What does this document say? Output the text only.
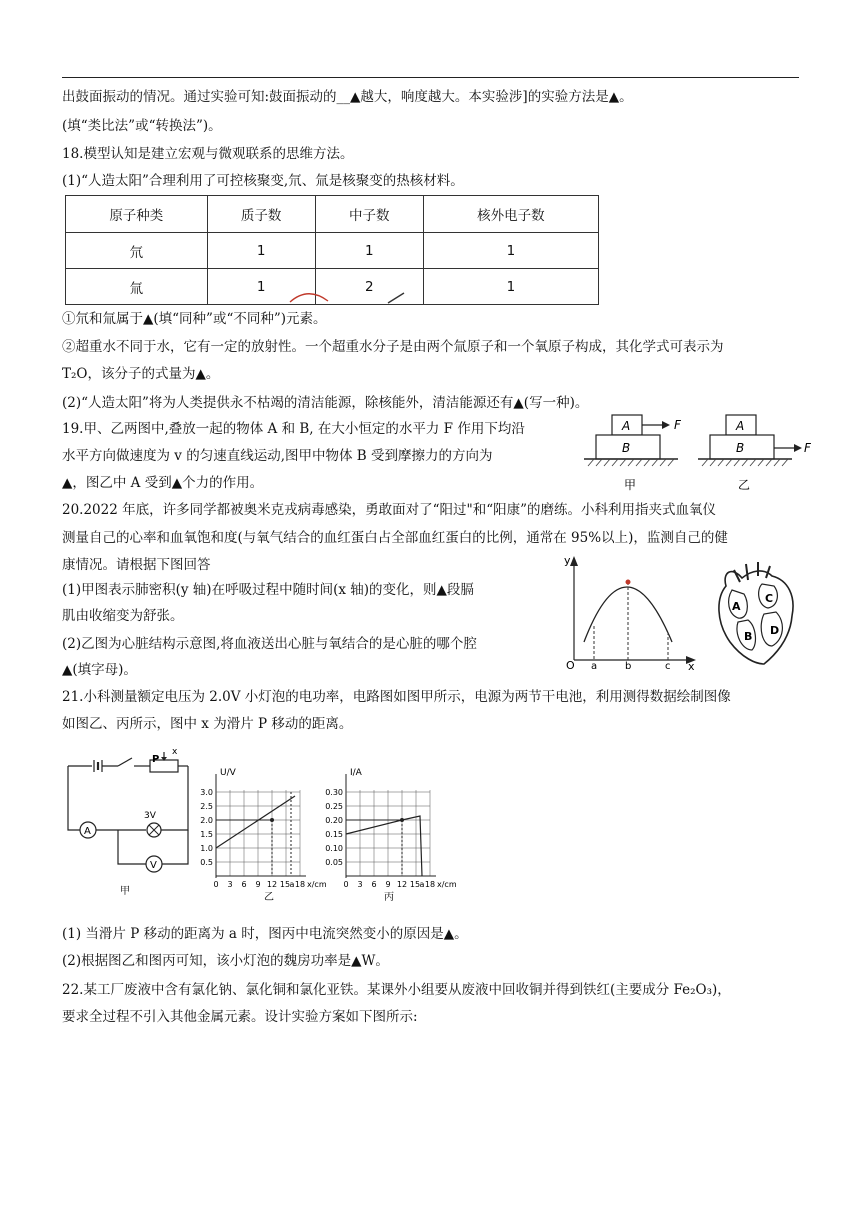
出鼓面振动的情况。通过实验可知:鼓面振动的__▲越大，响度越大。本实验涉]的实验方法是▲。
(填“类比法”或“转换法”)。
18.模型认知是建立宏观与微观联系的思维方法。
(1)“人造太阳”合理利用了可控核聚变,氘、氚是核聚变的热核材料。
原子种类	质子数	中子数	核外电子数
氘	1	1	1
氚	1	2	1
①氘和氚属于▲(填“同种”或“不同种”)元素。
②超重水不同于水，它有一定的放射性。一个超重水分子是由两个氚原子和一个氧原子构成，其化学式可表示为
T₂O，该分子的式量为▲。
(2)“人造太阳”将为人类提供永不枯竭的清洁能源，除核能外，清洁能源还有▲(写一种)。
19.甲、乙两图中,叠放一起的物体 A 和 B, 在大小恒定的水平力 F 作用下均沿
水平方向做速度为 v 的匀速直线运动,图甲中物体 B 受到摩擦力的方向为
▲，图乙中 A 受到▲个力的作用。
A	F
B
甲
A
B	F
乙
20.2022 年底，许多同学都被奥米克戎病毒感染，勇敢面对了“阳过"和“阳康”的磨练。小科利用指夹式血氧仪
测量自己的心率和血氧饱和度(与氧气结合的血红蛋白占全部血红蛋白的比例，通常在 95%以上)，监测自己的健
康情况。请根据下图回答
(1)甲图表示肺密积(y 轴)在呼吸过程中随时间(x 轴)的变化，则▲段膈
肌由收缩变为舒张。
(2)乙图为心脏结构示意图,将血液送出心脏与氧结合的是心脏的哪个腔
▲(填字母)。
y
O	x
a	b	c
A
B
C
D
21.小科测量额定电压为 2.0V 小灯泡的电功率，电路图如图甲所示，电源为两节干电池，利用测得数据绘制图像
如图乙、丙所示，图中 x 为滑片 P 移动的距离。
P
x
A
3V
V
甲
U/V
3.0
2.5
2.0
1.5
1.0
0.5
0 3 6 9 12 15 a 18 x/cm
乙
I/A
0.30
0.25
0.20
0.15
0.10
0.05
0 3 6 9 12 15 a 18 x/cm
丙
(1) 当滑片 P 移动的距离为 a 时，图丙中电流突然变小的原因是▲。
(2)根据图乙和图丙可知，该小灯泡的魏房功率是▲W。
22.某工厂废液中含有氯化钠、氯化铜和氯化亚铁。某课外小组要从废液中回收铜并得到铁红(主要成分 Fe₂O₃)，
要求全过程不引入其他金属元素。设计实验方案如下图所示:
